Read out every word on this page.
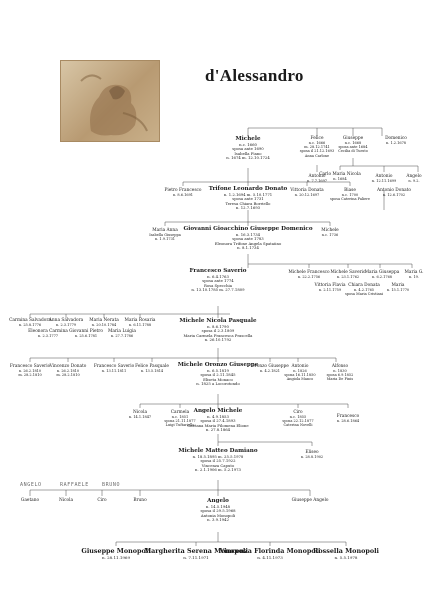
d'Alessandro
Michele
n.c. 1660
sposa ante 1690
Isabella Fiano
n. 1674 m. 12.10.1724
Felice
n.c. 1666
m. 28.12.1741
sposa il 21.12.1693
Anna Carlone
Giuseppe
n.c. 1668
sposa ante 1684
Cecilia di Tuesto
Domenico
n. 1.2.1678
Antonio
n. 7.7.1697
Carlo Maria Nicola
n. 1684	Antonio
n. 12.11.1699
Angelo
n. 9.2.
Pietro Francesco
n. 8.6.1691
Trifone Leonardo Donato
n. 1.2.1694 m. 5.10.1771
sposa ante 1731
Teresa Chiara Borriello
n. 12.7.1693
Vittoria Donata
n. 20.12.1697
Biase
n.c. 1700
sposa Caterina Paliere
Antonio Donato
n. 12.6.1702
Maria Anna
Isabella Giuseppa
n. 1.9.1731
Giovanni Gioacchino Giuseppe Domenico
n. 16.3.1734
sposa ante 1783
Eleonora Trifone Angela Spataiino
n. 8.1.1734
Michele
n.c. 1736
Francesco Saverio
n. 6.4.1763
sposa ante 1774
Rosa Specchia
n. 13.10.1785 m. 27.7.1809
Michele Francesco
n. 22.2.1756
Michele Saverio
n. 23.1.1762
Maria Giuseppa
n. 6.2.1768
Maria G.
n. 19.
Vittoria Flavia
n. 2.11.1759
Chiara Donata
n. 4.2.1765
sposa Maria Cristiani
Maria
n. 15.1.1770
Carmina Salvadora
n. 25.8.1776
Anna Salvadora
n. 2.3.1779
Eleonora Carmina
n. 2.3.1777
Giovanni Pietro
n. 25.6.1781
Maria Nerata
n. 20.10.1784
Maria Rosaria
n. 6.11.1788
Maria Luigia
n. 27.7.1786
Michele Nicola Pasquale
n. 8.6.1790
sposa il 2.3.1809
Maria Carmela Francesca Prascella
n. 26.10.1792
Francesco Saverio
n. 26.2.1810
m. 28.2.1810
Vincenzo Donato
n. 26.2.1810
m. 28.2.1810
Francesco Saverio
n. 13.11.1811
Felice Pasquale
n. 13.5.1814
Michele Oronzo Giuseppe
n. 6.5.1819
sposa il 2.11.1845
Eliseta Monaco
n. 1825 a Locorotondo
Oronzo Giuseppe
n. 4.2.1821
Antonio
n. 1826
sposa 16.11.1850
Angiola Manco
Alfonso
n. 1830
sposa 6.9.1852
Maria De Finis
Nicola
n. 14.1.1847
Carmela
n.c. 1851
sposa 21.11.1877
Luigi Tuftariello
Angelo Michele
n. 4.9.1853
sposa il 27.4.1893
Gaetana Maria Filomena Elione
n. 27.8.1864
Ciro
n.c. 1855
sposa 22.12.1877
Caterina Novelli
Francesco
n. 28.6.1864
Michele Matteo Damiano
n. 18.5.1895 m. 25.5.1978
sposa il 25.7.1922
Vincenza Caputo
n. 2.1.1906 m. 5.2.1973
Eliseo
n. 28.8.1902
ANGELO	RAFFAELE	BRUNO
Gaetano	Nicola	Ciro	Bruno	Angelo
n. 14.5.1948
sposa il 29.5.1968
Antonia Monopoli
n. 3.9.1942
Giuseppe Angelo
Giuseppe Monopoli
n. 28.11.1969
Margherita Serena Monopoli
n. 7.11.1971
Vincenza Florinda Monopoli
n. 4.11.1973
Rossella Monopoli
n. 5.5.1978
